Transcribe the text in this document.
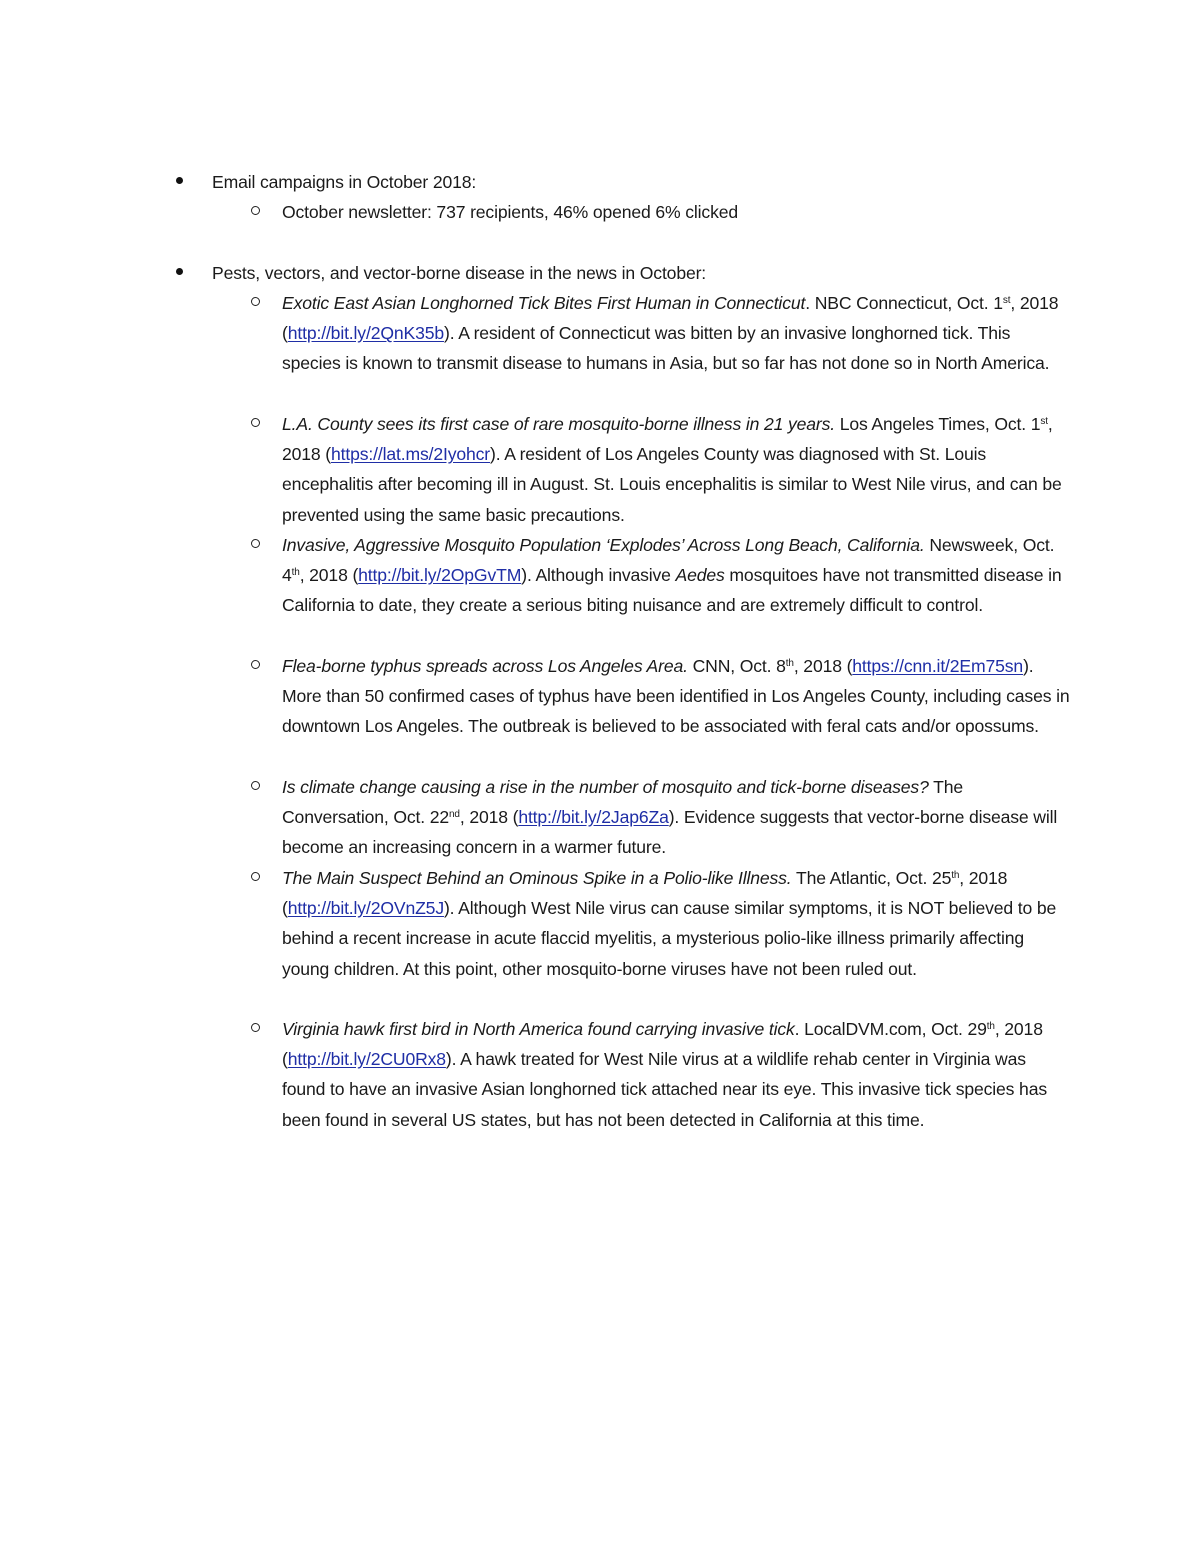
Email campaigns in October 2018:
October newsletter: 737 recipients, 46% opened 6% clicked
Pests, vectors, and vector-borne disease in the news in October:
Exotic East Asian Longhorned Tick Bites First Human in Connecticut. NBC Connecticut, Oct. 1st, 2018 (http://bit.ly/2QnK35b). A resident of Connecticut was bitten by an invasive longhorned tick. This species is known to transmit disease to humans in Asia, but so far has not done so in North America.
L.A. County sees its first case of rare mosquito-borne illness in 21 years. Los Angeles Times, Oct. 1st, 2018 (https://lat.ms/2Iyohcr). A resident of Los Angeles County was diagnosed with St. Louis encephalitis after becoming ill in August. St. Louis encephalitis is similar to West Nile virus, and can be prevented using the same basic precautions.
Invasive, Aggressive Mosquito Population ‘Explodes’ Across Long Beach, California. Newsweek, Oct. 4th, 2018 (http://bit.ly/2OpGvTM). Although invasive Aedes mosquitoes have not transmitted disease in California to date, they create a serious biting nuisance and are extremely difficult to control.
Flea-borne typhus spreads across Los Angeles Area. CNN, Oct. 8th, 2018 (https://cnn.it/2Em75sn). More than 50 confirmed cases of typhus have been identified in Los Angeles County, including cases in downtown Los Angeles. The outbreak is believed to be associated with feral cats and/or opossums.
Is climate change causing a rise in the number of mosquito and tick-borne diseases? The Conversation, Oct. 22nd, 2018 (http://bit.ly/2Jap6Za). Evidence suggests that vector-borne disease will become an increasing concern in a warmer future.
The Main Suspect Behind an Ominous Spike in a Polio-like Illness. The Atlantic, Oct. 25th, 2018 (http://bit.ly/2OVnZ5J). Although West Nile virus can cause similar symptoms, it is NOT believed to be behind a recent increase in acute flaccid myelitis, a mysterious polio-like illness primarily affecting young children. At this point, other mosquito-borne viruses have not been ruled out.
Virginia hawk first bird in North America found carrying invasive tick. LocalDVM.com, Oct. 29th, 2018 (http://bit.ly/2CU0Rx8). A hawk treated for West Nile virus at a wildlife rehab center in Virginia was found to have an invasive Asian longhorned tick attached near its eye. This invasive tick species has been found in several US states, but has not been detected in California at this time.
